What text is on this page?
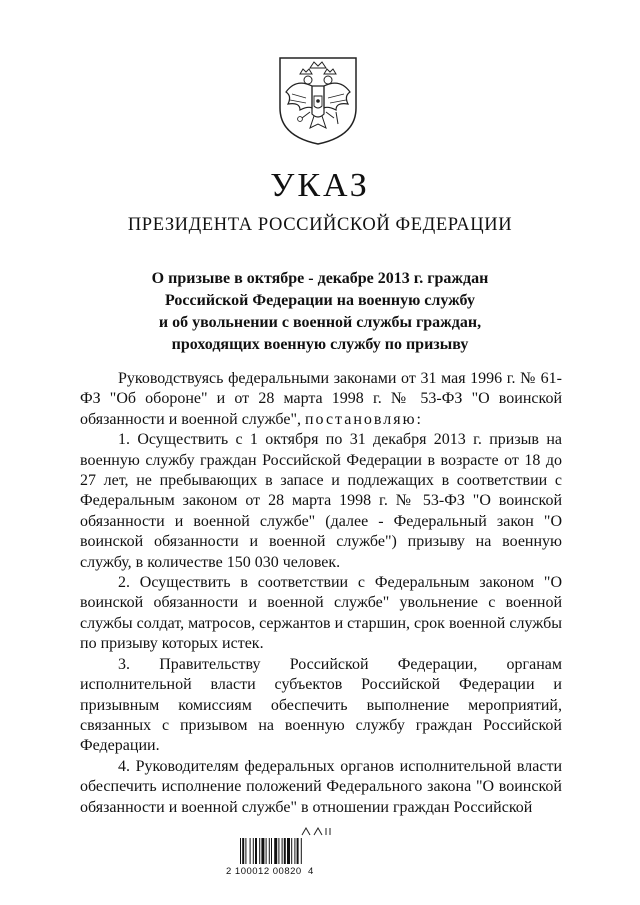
УКАЗ
ПРЕЗИДЕНТА РОССИЙСКОЙ ФЕДЕРАЦИИ
О призыве в октябре - декабре 2013 г. граждан
Российской Федерации на военную службу
и об увольнении с военной службы граждан,
проходящих военную службу по призыву

Руководствуясь федеральными законами от 31 мая 1996 г. № 61-ФЗ "Об обороне" и от 28 марта 1998 г. № 53-ФЗ "О воинской обязанности и военной службе", постановляю:

1. Осуществить с 1 октября по 31 декабря 2013 г. призыв на военную службу граждан Российской Федерации в возрасте от 18 до 27 лет, не пребывающих в запасе и подлежащих в соответствии с Федеральным законом от 28 марта 1998 г. № 53-ФЗ "О воинской обязанности и военной службе" (далее - Федеральный закон "О воинской обязанности и военной службе") призыву на военную службу, в количестве 150 030 человек.

2. Осуществить в соответствии с Федеральным законом "О воинской обязанности и военной службе" увольнение с военной службы солдат, матросов, сержантов и старшин, срок военной службы по призыву которых истек.

3. Правительству Российской Федерации, органам исполнительной власти субъектов Российской Федерации и призывным комиссиям обеспечить выполнение мероприятий, связанных с призывом на военную службу граждан Российской Федерации.

4. Руководителям федеральных органов исполнительной власти обеспечить исполнение положений Федерального закона "О воинской обязанности и военной службе" в отношении граждан Российской

2 100012 00820  4
